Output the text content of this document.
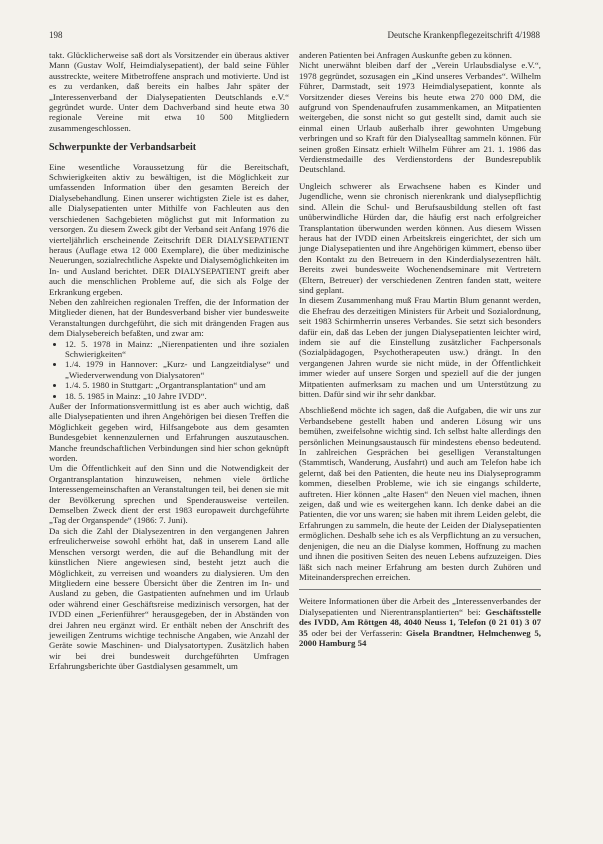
198	Deutsche Krankenpflegezeitschrift 4/1988

takt. Glücklicherweise saß dort als Vorsitzender ein überaus aktiver Mann (Gustav Wolf, Heimdialysepatient), der bald seine Fühler ausstreckte, weitere Mitbetroffene ansprach und motivierte. Und ist es zu verdanken, daß bereits ein halbes Jahr später der „Interessenverband der Dialysepatienten Deutschlands e.V.“ gegründet wurde. Unter dem Dachverband sind heute etwa 30 regionale Vereine mit etwa 10 500 Mitgliedern zusammengeschlossen.

Schwerpunkte der Verbandsarbeit

Eine wesentliche Voraussetzung für die Bereitschaft, Schwierigkeiten aktiv zu bewältigen, ist die Möglichkeit zur umfassenden Information über den gesamten Bereich der Dialysebehandlung. Einen unserer wichtigsten Ziele ist es daher, alle Dialysepatienten unter Mithilfe von Fachleuten aus den verschiedenen Sachgebieten möglichst gut mit Information zu versorgen. Zu diesem Zweck gibt der Verband seit Anfang 1976 die vierteljährlich erscheinende Zeitschrift DER DIALYSEPATIENT heraus (Auflage etwa 12 000 Exemplare), die über medizinische Neuerungen, sozialrechtliche Aspekte und Dialysemöglichkeiten im In- und Ausland berichtet. DER DIALYSEPATIENT greift aber auch die menschlichen Probleme auf, die sich als Folge der Erkrankung ergeben.

Neben den zahlreichen regionalen Treffen, die der Information der Mitglieder dienen, hat der Bundesverband bisher vier bundesweite Veranstaltungen durchgeführt, die sich mit drängenden Fragen aus dem Dialysebereich befaßten, und zwar am:

• 12. 5. 1978 in Mainz: „Nierenpatienten und ihre sozialen Schwierigkeiten“
• 1./4. 1979 in Hannover: „Kurz- und Langzeitdialyse“ und „Wiederverwendung von Dialysatoren“
• 1./4. 5. 1980 in Stuttgart: „Organtransplantation“ und am
• 18. 5. 1985 in Mainz: „10 Jahre IVDD“.

Außer der Informationsvermittlung ist es aber auch wichtig, daß alle Dialysepatienten und ihren Angehörigen bei diesen Treffen die Möglichkeit gegeben wird, Hilfsangebote aus dem gesamten Bundesgebiet kennenzulernen und Erfahrungen auszutauschen. Manche freundschaftlichen Verbindungen sind hier schon geknüpft worden.

Um die Öffentlichkeit auf den Sinn und die Notwendigkeit der Organtransplantation hinzuweisen, nehmen viele örtliche Interessengemeinschaften an Veranstaltungen teil, bei denen sie mit der Bevölkerung sprechen und Spenderausweise verteilen. Demselben Zweck dient der erst 1983 europaweit durchgeführte „Tag der Organspende“ (1986: 7. Juni).

Da sich die Zahl der Dialysezentren in den vergangenen Jahren erfreulicherweise sowohl erhöht hat, daß in unserem Land alle Menschen versorgt werden, die auf die Behandlung mit der künstlichen Niere angewiesen sind, besteht jetzt auch die Möglichkeit, zu verreisen und woanders zu dialysieren. Um den Mitgliedern eine bessere Übersicht über die Zentren im In- und Ausland zu geben, die Gastpatienten aufnehmen und im Urlaub oder während einer Geschäftsreise medizinisch versorgen, hat der IVDD einen „Ferienführer“ herausgegeben, der in Abständen von drei Jahren neu ergänzt wird. Er enthält neben der Anschrift des jeweiligen Zentrums wichtige technische Angaben, wie Anzahl der Geräte sowie Maschinen- und Dialysatortypen. Zusätzlich haben wir bei drei bundesweit durchgeführten Umfragen Erfahrungsberichte über Gastdialysen gesammelt, um

anderen Patienten bei Anfragen Auskunfte geben zu können.

Nicht unerwähnt bleiben darf der „Verein Urlaubsdialyse e.V.“, 1978 gegründet, sozusagen ein „Kind unseres Verbandes“. Wilhelm Führer, Darmstadt, seit 1973 Heimdialysepatient, konnte als Vorsitzender dieses Vereins bis heute etwa 270 000 DM, die aufgrund von Spendenaufrufen zusammenkamen, an Mitpatienten weitergeben, die sonst nicht so gut gestellt sind, damit auch sie einmal einen Urlaub außerhalb ihrer gewohnten Umgebung verbringen und so Kraft für den Dialysealltag sammeln können. Für seinen großen Einsatz erhielt Wilhelm Führer am 21. 1. 1986 das Verdienstmedaille des Verdienstordens der Bundesrepublik Deutschland.

Ungleich schwerer als Erwachsene haben es Kinder und Jugendliche, wenn sie chronisch nierenkrank und dialysepflichtig sind. Allein die Schul- und Berufsausbildung stellen oft fast unüberwindliche Hürden dar, die häufig erst nach erfolgreicher Transplantation überwunden werden können. Aus diesem Wissen heraus hat der IVDD einen Arbeitskreis eingerichtet, der sich um junge Dialysepatienten und ihre Angehörigen kümmert, ebenso über den Kontakt zu den Betreuern in den Kinderdialysezentren hält. Bereits zwei bundesweite Wochenendseminare mit Vertretern (Eltern, Betreuer) der verschiedenen Zentren fanden statt, weitere sind geplant.

In diesem Zusammenhang muß Frau Martin Blum genannt werden, die Ehefrau des derzeitigen Ministers für Arbeit und Sozialordnung, seit 1983 Schirmherrin unseres Verbandes. Sie setzt sich besonders dafür ein, daß das Leben der jungen Dialysepatienten leichter wird, indem sie auf die Einstellung zusätzlicher Fachpersonals (Sozialpädagogen, Psychotherapeuten usw.) drängt. In den vergangenen Jahren wurde sie nicht müde, in der Öffentlichkeit immer wieder auf unsere Sorgen und speziell auf die der jungen Mitpatienten aufmerksam zu machen und um Unterstützung zu bitten. Dafür sind wir ihr sehr dankbar.

Abschließend möchte ich sagen, daß die Aufgaben, die wir uns zur Verbandsebene gestellt haben und anderen Lösung wir uns bemühen, zweifelsohne wichtig sind. Ich selbst halte allerdings den persönlichen Meinungsaustausch für mindestens ebenso bedeutend. In zahlreichen Gesprächen bei geselligen Veranstaltungen (Stammtisch, Wanderung, Ausfahrt) und auch am Telefon habe ich gelernt, daß bei den Patienten, die heute neu ins Dialyseprogramm kommen, dieselben Probleme, wie ich sie eingangs schilderte, auftreten. Hier können „alte Hasen“ den Neuen viel machen, ihnen zeigen, daß und wie es weitergehen kann. Ich denke dabei an die Patienten, die vor uns waren; sie haben mit ihrem Leiden gelebt, die Erfahrungen zu sammeln, die heute der Leiden der Dialysepatienten ermöglichen. Deshalb sehe ich es als Verpflichtung an zu versuchen, denjenigen, die neu an die Dialyse kommen, Hoffnung zu machen und ihnen die positiven Seiten des neuen Lebens aufzuzeigen. Dies läßt sich nach meiner Erfahrung am besten durch Zuhören und Miteinandersprechen erreichen.

Weitere Informationen über die Arbeit des „Interessenverbandes der Dialysepatienten und Nierentransplantierten“ bei: Geschäftsstelle des IVDD, Am Röttgen 48, 4040 Neuss 1, Telefon (0 21 01) 3 07 35 oder bei der Verfasserin: Gisela Brandtner, Helmchenweg 5, 2000 Hamburg 54
